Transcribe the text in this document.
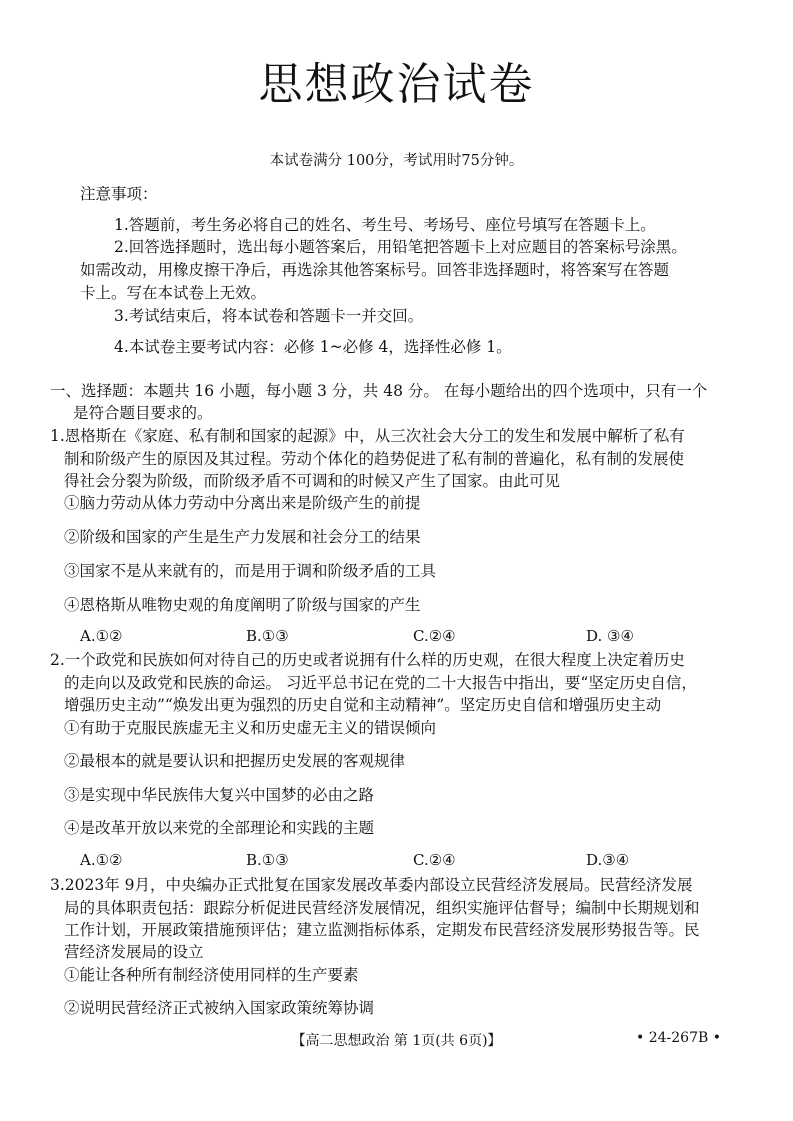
思想政治试卷
本试卷满分 100分，考试用时75分钟。
注意事项：
1.答题前，考生务必将自己的姓名、考生号、考场号、座位号填写在答题卡上。
2.回答选择题时，选出每小题答案后，用铅笔把答题卡上对应题目的答案标号涂黑。
如需改动，用橡皮擦干净后，再选涂其他答案标号。回答非选择题时，将答案写在答题
卡上。写在本试卷上无效。
3.考试结束后，将本试卷和答题卡一并交回。
4.本试卷主要考试内容：必修 1~必修 4，选择性必修 1。
一、选择题：本题共 16 小题，每小题 3 分，共 48 分。 在每小题给出的四个选项中，只有一个
是符合题目要求的。
1.恩格斯在《家庭、私有制和国家的起源》中，从三次社会大分工的发生和发展中解析了私有
制和阶级产生的原因及其过程。劳动个体化的趋势促进了私有制的普遍化，私有制的发展使
得社会分裂为阶级，而阶级矛盾不可调和的时候又产生了国家。由此可见
①脑力劳动从体力劳动中分离出来是阶级产生的前提
②阶级和国家的产生是生产力发展和社会分工的结果
③国家不是从来就有的，而是用于调和阶级矛盾的工具
④恩格斯从唯物史观的角度阐明了阶级与国家的产生
A.①②	B.①③	C.②④	D. ③④
2.一个政党和民族如何对待自己的历史或者说拥有什么样的历史观，在很大程度上决定着历史
的走向以及政党和民族的命运。 习近平总书记在党的二十大报告中指出，要“坚定历史自信，
增强历史主动”“焕发出更为强烈的历史自觉和主动精神”。坚定历史自信和增强历史主动
①有助于克服民族虚无主义和历史虚无主义的错误倾向
②最根本的就是要认识和把握历史发展的客观规律
③是实现中华民族伟大复兴中国梦的必由之路
④是改革开放以来党的全部理论和实践的主题
A.①②	B.①③	C.②④	D.③④
3.2023年 9月，中央编办正式批复在国家发展改革委内部设立民营经济发展局。民营经济发展
局的具体职责包括：跟踪分析促进民营经济发展情况，组织实施评估督导；编制中长期规划和
工作计划，开展政策措施预评估；建立监测指标体系，定期发布民营经济发展形势报告等。民
营经济发展局的设立
①能让各种所有制经济使用同样的生产要素
②说明民营经济正式被纳入国家政策统筹协调
【高二思想政治 第 1页(共 6页)】	• 24-267B •
